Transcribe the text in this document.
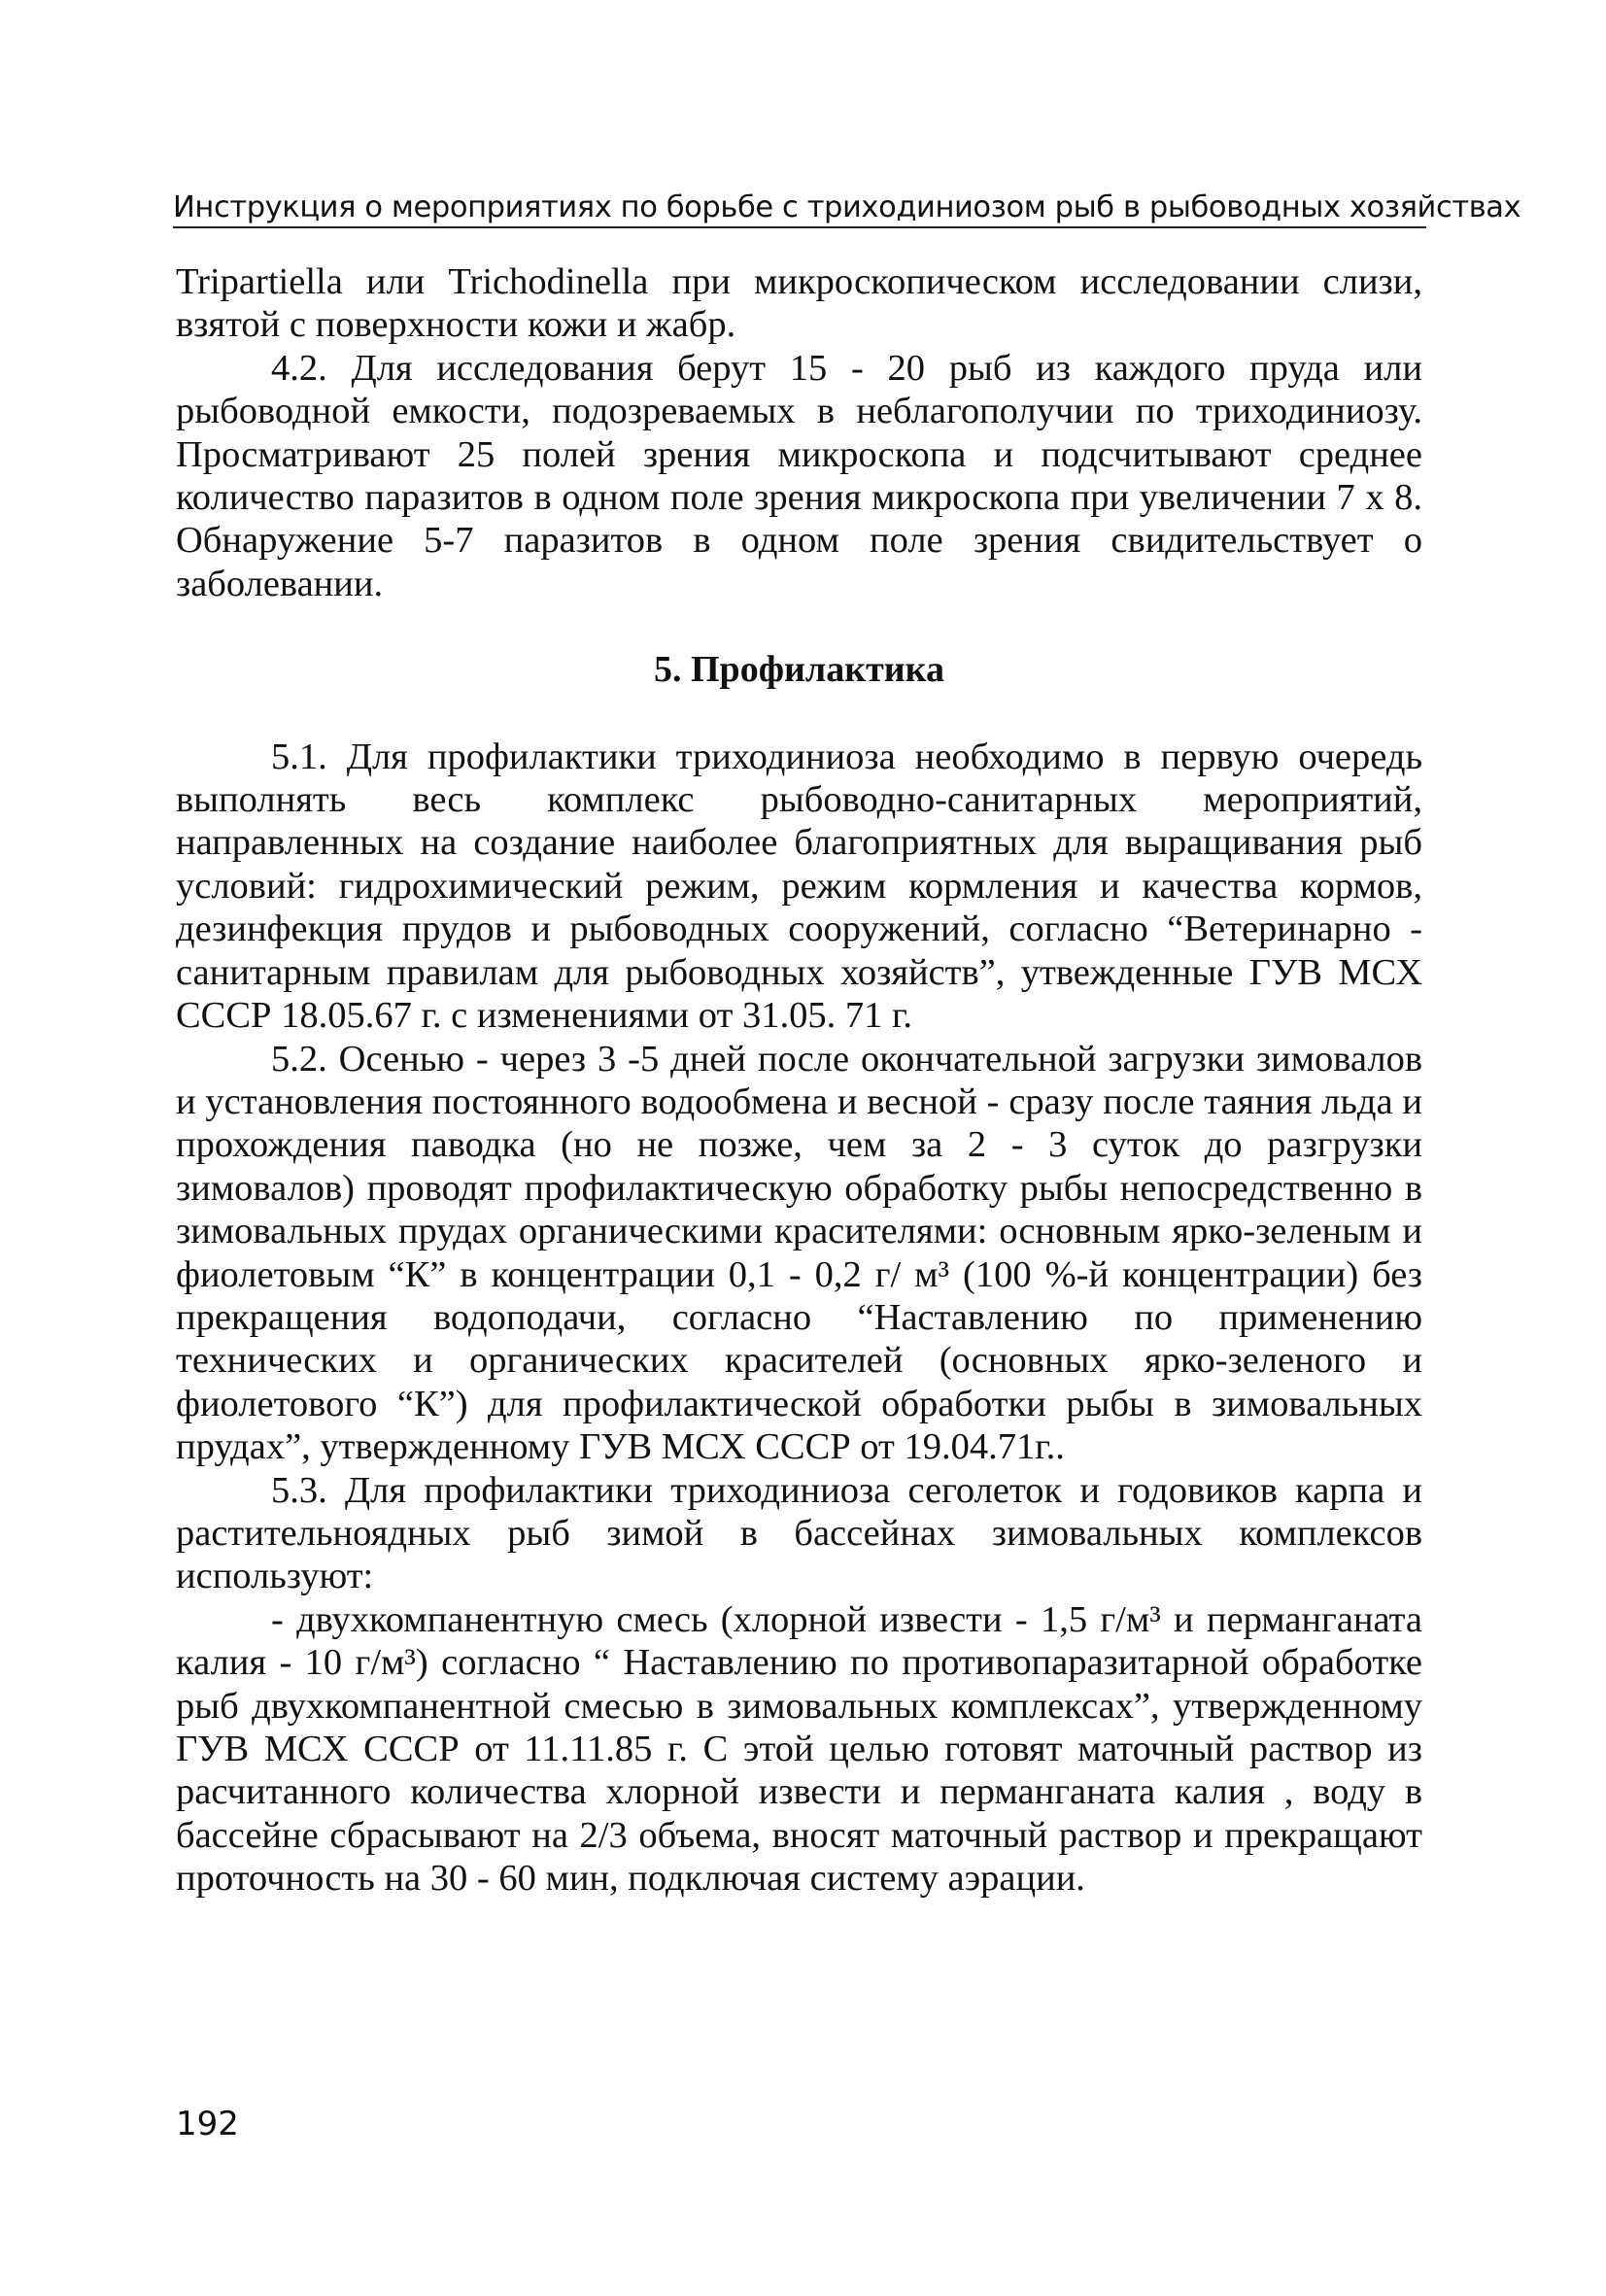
Инструкция о мероприятиях по борьбе с триходиниозом рыб в рыбоводных хозяйствах

Tripartiella или Trichodinella при микроскопическом исследовании слизи, взятой с поверхности кожи и жабр.

4.2. Для исследования берут 15 - 20 рыб из каждого пруда или рыбоводной емкости, подозреваемых в неблагополучии по триходиниозу. Просматривают 25 полей зрения микроскопа и подсчитывают среднее количество паразитов в одном поле зрения микроскопа при увеличении 7 х 8. Обнаружение 5-7 паразитов в одном поле зрения свидительствует о заболевании.

5. Профилактика

5.1. Для профилактики триходиниоза необходимо в первую очередь выполнять весь комплекс рыбоводно-санитарных мероприятий, направленных на создание наиболее благоприятных для выращивания рыб условий: гидрохимический режим, режим кормления и качества кормов, дезинфекция прудов и рыбоводных сооружений, согласно “Ветеринарно - санитарным правилам для рыбоводных хозяйств”, утвежденные ГУВ МСХ СССР 18.05.67 г. с изменениями от 31.05. 71 г.

5.2. Осенью - через 3 -5 дней после окончательной загрузки зимовалов и установления постоянного водообмена и весной - сразу после таяния льда и прохождения паводка (но не позже, чем за 2 - 3 суток до разгрузки зимовалов) проводят профилактическую обработку рыбы непосредственно в зимовальных прудах органическими красителями: основным ярко-зеленым и фиолетовым “К” в концентрации 0,1 - 0,2 г/ м³ (100 %-й концентрации) без прекращения водоподачи, согласно “Наставлению по применению технических и органических красителей (основных ярко-зеленого и фиолетового “К”) для профилактической обработки рыбы в зимовальных прудах”, утвержденному ГУВ МСХ СССР от 19.04.71г..

5.3. Для профилактики триходиниоза сеголеток и годовиков карпа и растительноядных рыб зимой в бассейнах зимовальных комплексов используют:

- двухкомпанентную смесь (хлорной извести - 1,5 г/м³ и перманганата калия - 10 г/м³) согласно “ Наставлению по противопаразитарной обработке рыб двухкомпанентной смесью в зимовальных комплексах”, утвержденному ГУВ МСХ СССР от 11.11.85 г. С этой целью готовят маточный раствор из расчитанного количества хлорной извести и перманганата калия , воду в бассейне сбрасывают на 2/3 объема, вносят маточный раствор и прекращают проточность на 30 - 60 мин, подключая систему аэрации.

192
